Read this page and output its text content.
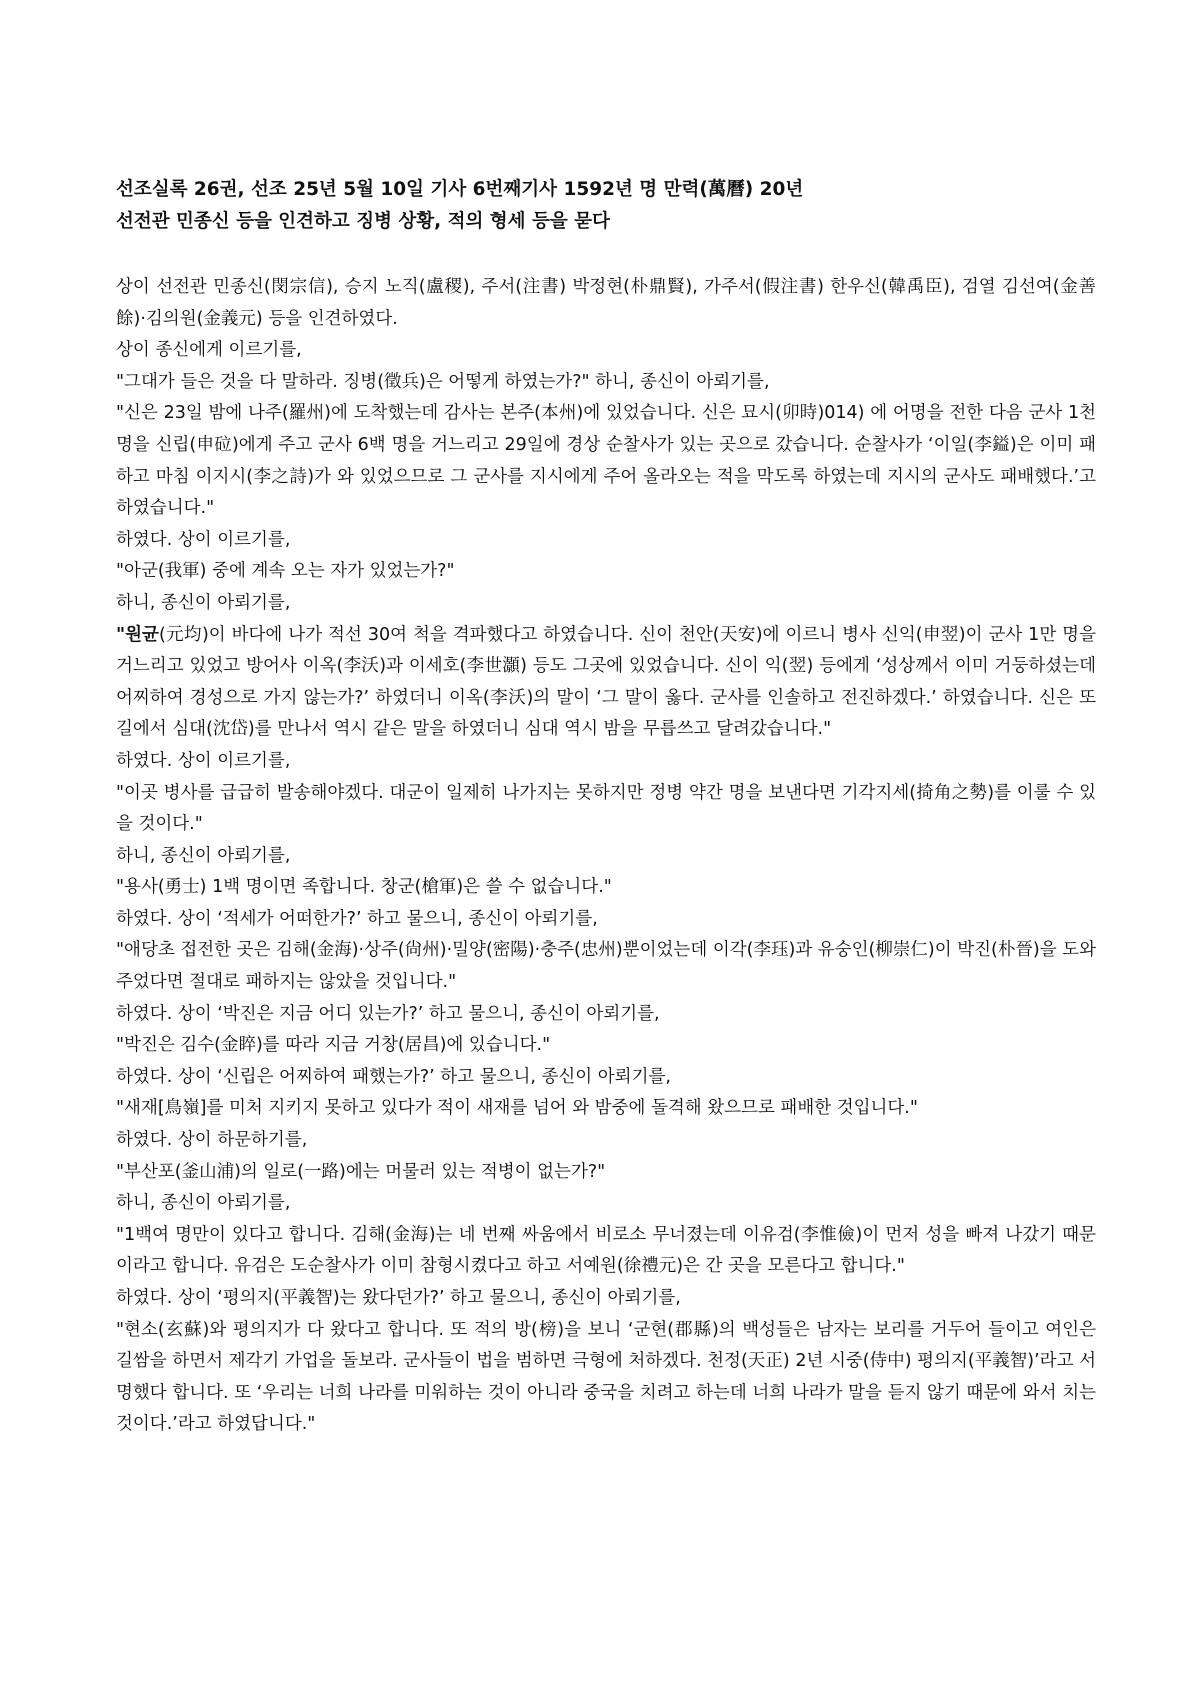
선조실록 26권, 선조 25년 5월 10일 기사 6번째기사 1592년 명 만력(萬曆) 20년
선전관 민종신 등을 인견하고 징병 상황, 적의 형세 등을 묻다

상이 선전관 민종신(閔宗信), 승지 노직(盧稷), 주서(注書) 박정현(朴鼎賢), 가주서(假注書) 한우신(韓禹臣), 검열 김선여(金善餘)·김의원(金義元) 등을 인견하였다.

상이 종신에게 이르기를,

"그대가 들은 것을 다 말하라. 징병(徵兵)은 어떻게 하였는가?" 하니, 종신이 아뢰기를,

"신은 23일 밤에 나주(羅州)에 도착했는데 감사는 본주(本州)에 있었습니다. 신은 묘시(卯時)014) 에 어명을 전한 다음 군사 1천 명을 신립(申砬)에게 주고 군사 6백 명을 거느리고 29일에 경상 순찰사가 있는 곳으로 갔습니다. 순찰사가 ‘이일(李鎰)은 이미 패하고 마침 이지시(李之詩)가 와 있었으므로 그 군사를 지시에게 주어 올라오는 적을 막도록 하였는데 지시의 군사도 패배했다.’고 하였습니다."

하였다. 상이 이르기를,

"아군(我軍) 중에 계속 오는 자가 있었는가?"

하니, 종신이 아뢰기를,

"원균(元均)이 바다에 나가 적선 30여 척을 격파했다고 하였습니다. 신이 천안(天安)에 이르니 병사 신익(申翌)이 군사 1만 명을 거느리고 있었고 방어사 이옥(李沃)과 이세호(李世灝) 등도 그곳에 있었습니다. 신이 익(翌) 등에게 ‘성상께서 이미 거둥하셨는데 어찌하여 경성으로 가지 않는가?’ 하였더니 이옥(李沃)의 말이 ‘그 말이 옳다. 군사를 인솔하고 전진하겠다.’ 하였습니다. 신은 또 길에서 심대(沈岱)를 만나서 역시 같은 말을 하였더니 심대 역시 밤을 무릅쓰고 달려갔습니다."

하였다. 상이 이르기를,

"이곳 병사를 급급히 발송해야겠다. 대군이 일제히 나가지는 못하지만 정병 약간 명을 보낸다면 기각지세(掎角之勢)를 이룰 수 있을 것이다."

하니, 종신이 아뢰기를,

"용사(勇士) 1백 명이면 족합니다. 창군(槍軍)은 쓸 수 없습니다."

하였다. 상이 ‘적세가 어떠한가?’ 하고 물으니, 종신이 아뢰기를,

"애당초 접전한 곳은 김해(金海)·상주(尙州)·밀양(密陽)·충주(忠州)뿐이었는데 이각(李珏)과 유숭인(柳崇仁)이 박진(朴晉)을 도와 주었다면 절대로 패하지는 않았을 것입니다."

하였다. 상이 ‘박진은 지금 어디 있는가?’ 하고 물으니, 종신이 아뢰기를,

"박진은 김수(金睟)를 따라 지금 거창(居昌)에 있습니다."

하였다. 상이 ‘신립은 어찌하여 패했는가?’ 하고 물으니, 종신이 아뢰기를,

"새재[鳥嶺]를 미처 지키지 못하고 있다가 적이 새재를 넘어 와 밤중에 돌격해 왔으므로 패배한 것입니다."

하였다. 상이 하문하기를,

"부산포(釜山浦)의 일로(一路)에는 머물러 있는 적병이 없는가?"

하니, 종신이 아뢰기를,

"1백여 명만이 있다고 합니다. 김해(金海)는 네 번째 싸움에서 비로소 무너졌는데 이유검(李惟儉)이 먼저 성을 빠져 나갔기 때문이라고 합니다. 유검은 도순찰사가 이미 참형시켰다고 하고 서예원(徐禮元)은 간 곳을 모른다고 합니다."

하였다. 상이 ‘평의지(平義智)는 왔다던가?’ 하고 물으니, 종신이 아뢰기를,

"현소(玄蘇)와 평의지가 다 왔다고 합니다. 또 적의 방(榜)을 보니 ‘군현(郡縣)의 백성들은 남자는 보리를 거두어 들이고 여인은 길쌈을 하면서 제각기 가업을 돌보라. 군사들이 법을 범하면 극형에 처하겠다. 천정(天正) 2년 시중(侍中) 평의지(平義智)’라고 서명했다 합니다. 또 ‘우리는 너희 나라를 미워하는 것이 아니라 중국을 치려고 하는데 너희 나라가 말을 듣지 않기 때문에 와서 치는 것이다.’라고 하였답니다."
